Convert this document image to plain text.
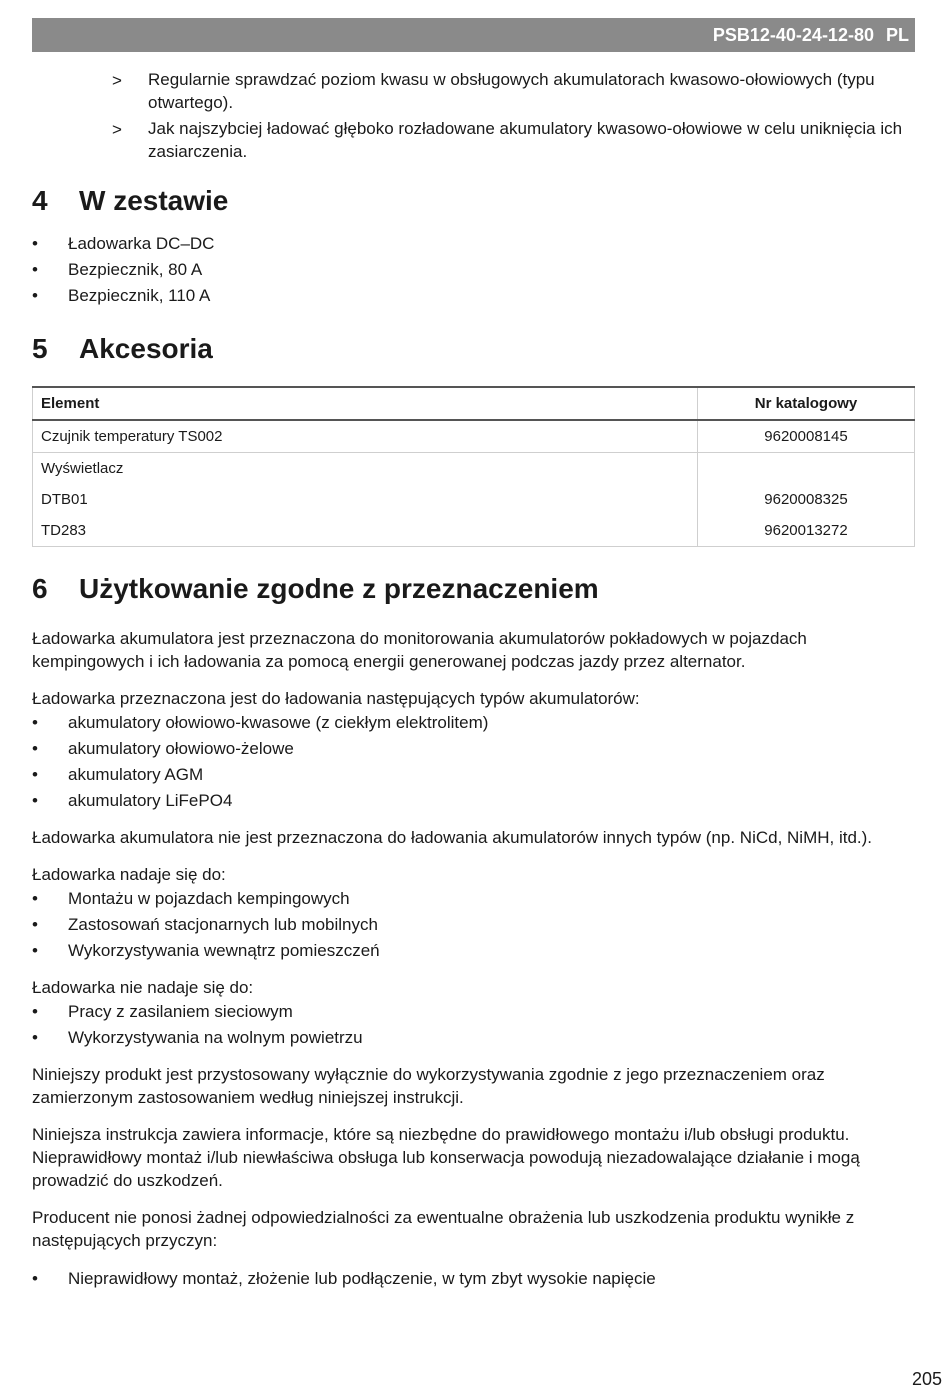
PSB12-40-24-12-80 PL
> Regularnie sprawdzać poziom kwasu w obsługowych akumulatorach kwasowo-ołowiowych (typu otwartego).
> Jak najszybciej ładować głęboko rozładowane akumulatory kwasowo-ołowiowe w celu uniknięcia ich zasiarczenia.
4	W zestawie
• Ładowarka DC–DC
• Bezpiecznik, 80 A
• Bezpiecznik, 110 A
5	Akcesoria
Element	Nr katalogowy
Czujnik temperatury TS002	9620008145
Wyświetlacz	
DTB01	9620008325
TD283	9620013272
6	Użytkowanie zgodne z przeznaczeniem

Ładowarka akumulatora jest przeznaczona do monitorowania akumulatorów pokładowych w pojazdach kempingowych i ich ładowania za pomocą energii generowanej podczas jazdy przez alternator.

Ładowarka przeznaczona jest do ładowania następujących typów akumulatorów:

• akumulatory ołowiowo-kwasowe (z ciekłym elektrolitem)
• akumulatory ołowiowo-żelowe
• akumulatory AGM
• akumulatory LiFePO4

Ładowarka akumulatora nie jest przeznaczona do ładowania akumulatorów innych typów (np. NiCd, NiMH, itd.).

Ładowarka nadaje się do:

• Montażu w pojazdach kempingowych
• Zastosowań stacjonarnych lub mobilnych
• Wykorzystywania wewnątrz pomieszczeń

Ładowarka nie nadaje się do:

• Pracy z zasilaniem sieciowym
• Wykorzystywania na wolnym powietrzu

Niniejszy produkt jest przystosowany wyłącznie do wykorzystywania zgodnie z jego przeznaczeniem oraz zamierzonym zastosowaniem według niniejszej instrukcji.

Niniejsza instrukcja zawiera informacje, które są niezbędne do prawidłowego montażu i/lub obsługi produktu. Nieprawidłowy montaż i/lub niewłaściwa obsługa lub konserwacja powodują niezadowalające działanie i mogą prowadzić do uszkodzeń.

Producent nie ponosi żadnej odpowiedzialności za ewentualne obrażenia lub uszkodzenia produktu wynikłe z następujących przyczyn:

• Nieprawidłowy montaż, złożenie lub podłączenie, w tym zbyt wysokie napięcie
205
